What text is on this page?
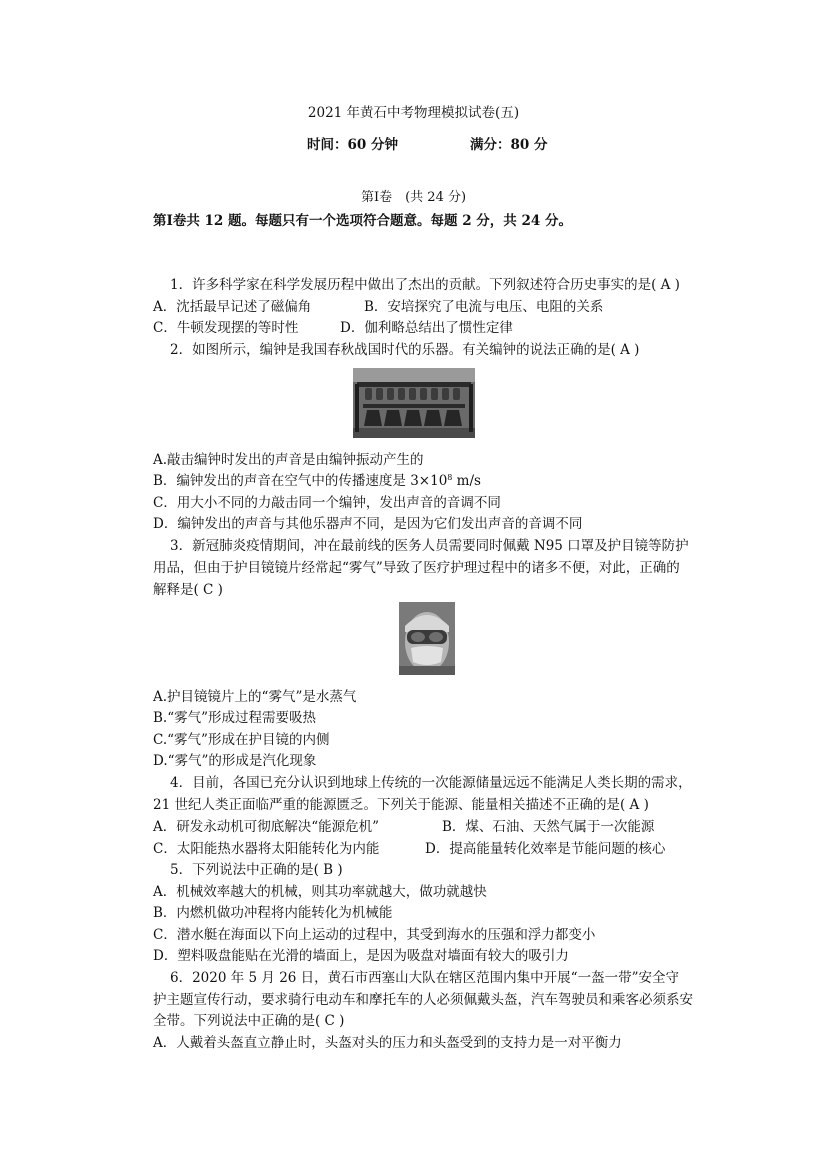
2021 年黄石中考物理模拟试卷(五)
时间：60 分钟	满分：80 分
第Ⅰ卷　(共 24 分)
第Ⅰ卷共 12 题。每题只有一个选项符合题意。每题 2 分，共 24 分。
1．许多科学家在科学发展历程中做出了杰出的贡献。下列叙述符合历史事实的是( A )
A．沈括最早记述了磁偏角	B．安培探究了电流与电压、电阻的关系
C．牛顿发现摆的等时性	D．伽利略总结出了惯性定律
2．如图所示，编钟是我国春秋战国时代的乐器。有关编钟的说法正确的是( A )
A.敲击编钟时发出的声音是由编钟振动产生的
B．编钟发出的声音在空气中的传播速度是 $3\times 10^8$ m/s
C．用大小不同的力敲击同一个编钟，发出声音的音调不同
D．编钟发出的声音与其他乐器声不同，是因为它们发出声音的音调不同
3．新冠肺炎疫情期间，冲在最前线的医务人员需要同时佩戴 N95 口罩及护目镜等防护
用品，但由于护目镜镜片经常起“雾气”导致了医疗护理过程中的诸多不便，对此，正确的
解释是( C )
A.护目镜镜片上的“雾气”是水蒸气
B.“雾气”形成过程需要吸热
C.“雾气”形成在护目镜的内侧
D.“雾气”的形成是汽化现象
4．目前，各国已充分认识到地球上传统的一次能源储量远远不能满足人类长期的需求，
21 世纪人类正面临严重的能源匮乏。下列关于能源、能量相关描述不正确的是( A )
A．研发永动机可彻底解决“能源危机”	B．煤、石油、天然气属于一次能源
C．太阳能热水器将太阳能转化为内能	D．提高能量转化效率是节能问题的核心
5．下列说法中正确的是( B )
A．机械效率越大的机械，则其功率就越大，做功就越快
B．内燃机做功冲程将内能转化为机械能
C．潜水艇在海面以下向上运动的过程中，其受到海水的压强和浮力都变小
D．塑料吸盘能贴在光滑的墙面上，是因为吸盘对墙面有较大的吸引力
6．2020 年 5 月 26 日，黄石市西塞山大队在辖区范围内集中开展“一盔一带”安全守
护主题宣传行动，要求骑行电动车和摩托车的人必须佩戴头盔，汽车驾驶员和乘客必须系安
全带。下列说法中正确的是( C )
A．人戴着头盔直立静止时，头盔对头的压力和头盔受到的支持力是一对平衡力
